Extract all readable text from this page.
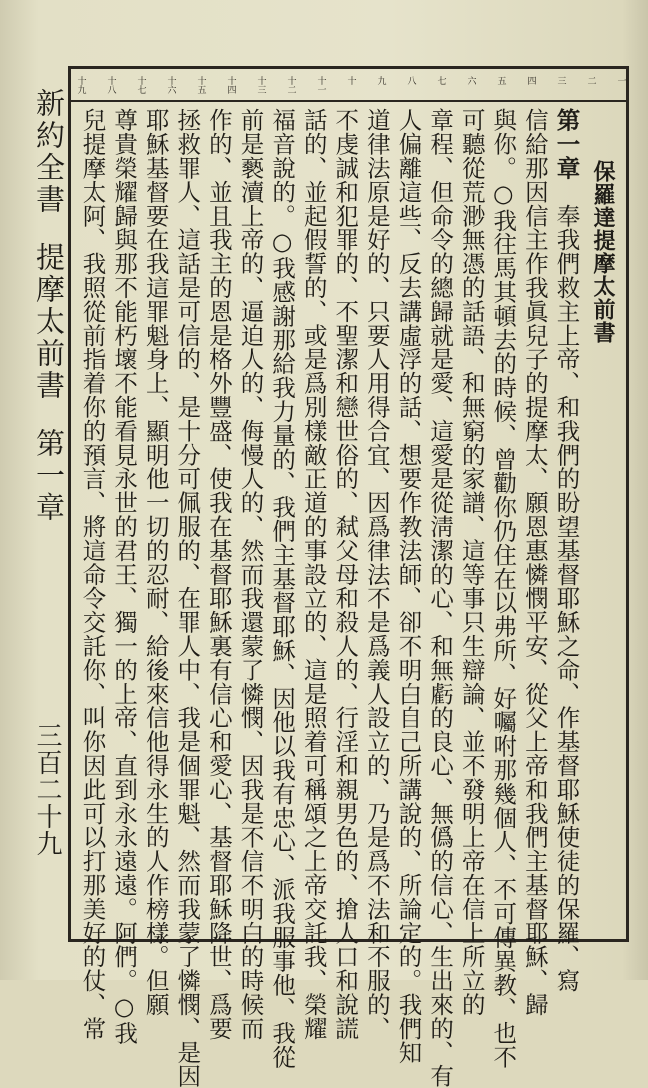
新約全書提摩太前書第一章
三百二十九
一
二
三
四
五
六
七
八
九
十
十一
十二
十三
十四
十五
十六
十七
十八
十九
保羅達提摩太前書
第一章　奉我們救主上帝、和我們的盼望基督耶穌之命、作基督耶穌使徒的保羅、寫
信給那因信主作我眞兒子的提摩太、願恩惠憐憫平安、從父上帝和我們主基督耶穌、歸
與你。○我往馬其頓去的時候、曾勸你仍住在以弗所、好囑咐那幾個人、不可傳異教、也不
可聽從荒渺無憑的話語、和無窮的家譜、這等事只生辯論、並不發明上帝在信上所立的
章程、但命令的總歸就是愛、這愛是從淸潔的心、和無虧的良心、無僞的信心、生出來的、有
人偏離這些、反去講虛浮的話、想要作教法師、卻不明白自己所講說的、所論定的。我們知
道律法原是好的、只要人用得合宜、因爲律法不是爲義人設立的、乃是爲不法和不服的、
不虔誠和犯罪的、不聖潔和戀世俗的、弒父母和殺人的、行淫和親男色的、搶人口和說謊
話的、並起假誓的、或是爲別樣敵正道的事設立的、這是照着可稱頌之上帝交託我、榮耀
福音說的。○我感謝那給我力量的、我們主基督耶穌、因他以我有忠心、派我服事他、我從
前是褻瀆上帝的、逼迫人的、侮慢人的、然而我還蒙了憐憫、因我是不信不明白的時候而
作的、並且我主的恩是格外豐盛、使我在基督耶穌裏有信心和愛心、基督耶穌降世、爲要
拯救罪人、這話是可信的、是十分可佩服的、在罪人中、我是個罪魁、然而我蒙了憐憫、是因
耶穌基督要在我這罪魁身上、顯明他一切的忍耐、給後來信他得永生的人作榜樣。但願
尊貴榮耀歸與那不能朽壞不能看見永世的君王、獨一的上帝、直到永永遠遠。阿們。○我
兒提摩太阿、我照從前指着你的預言、將這命令交託你、叫你因此可以打那美好的仗、常
